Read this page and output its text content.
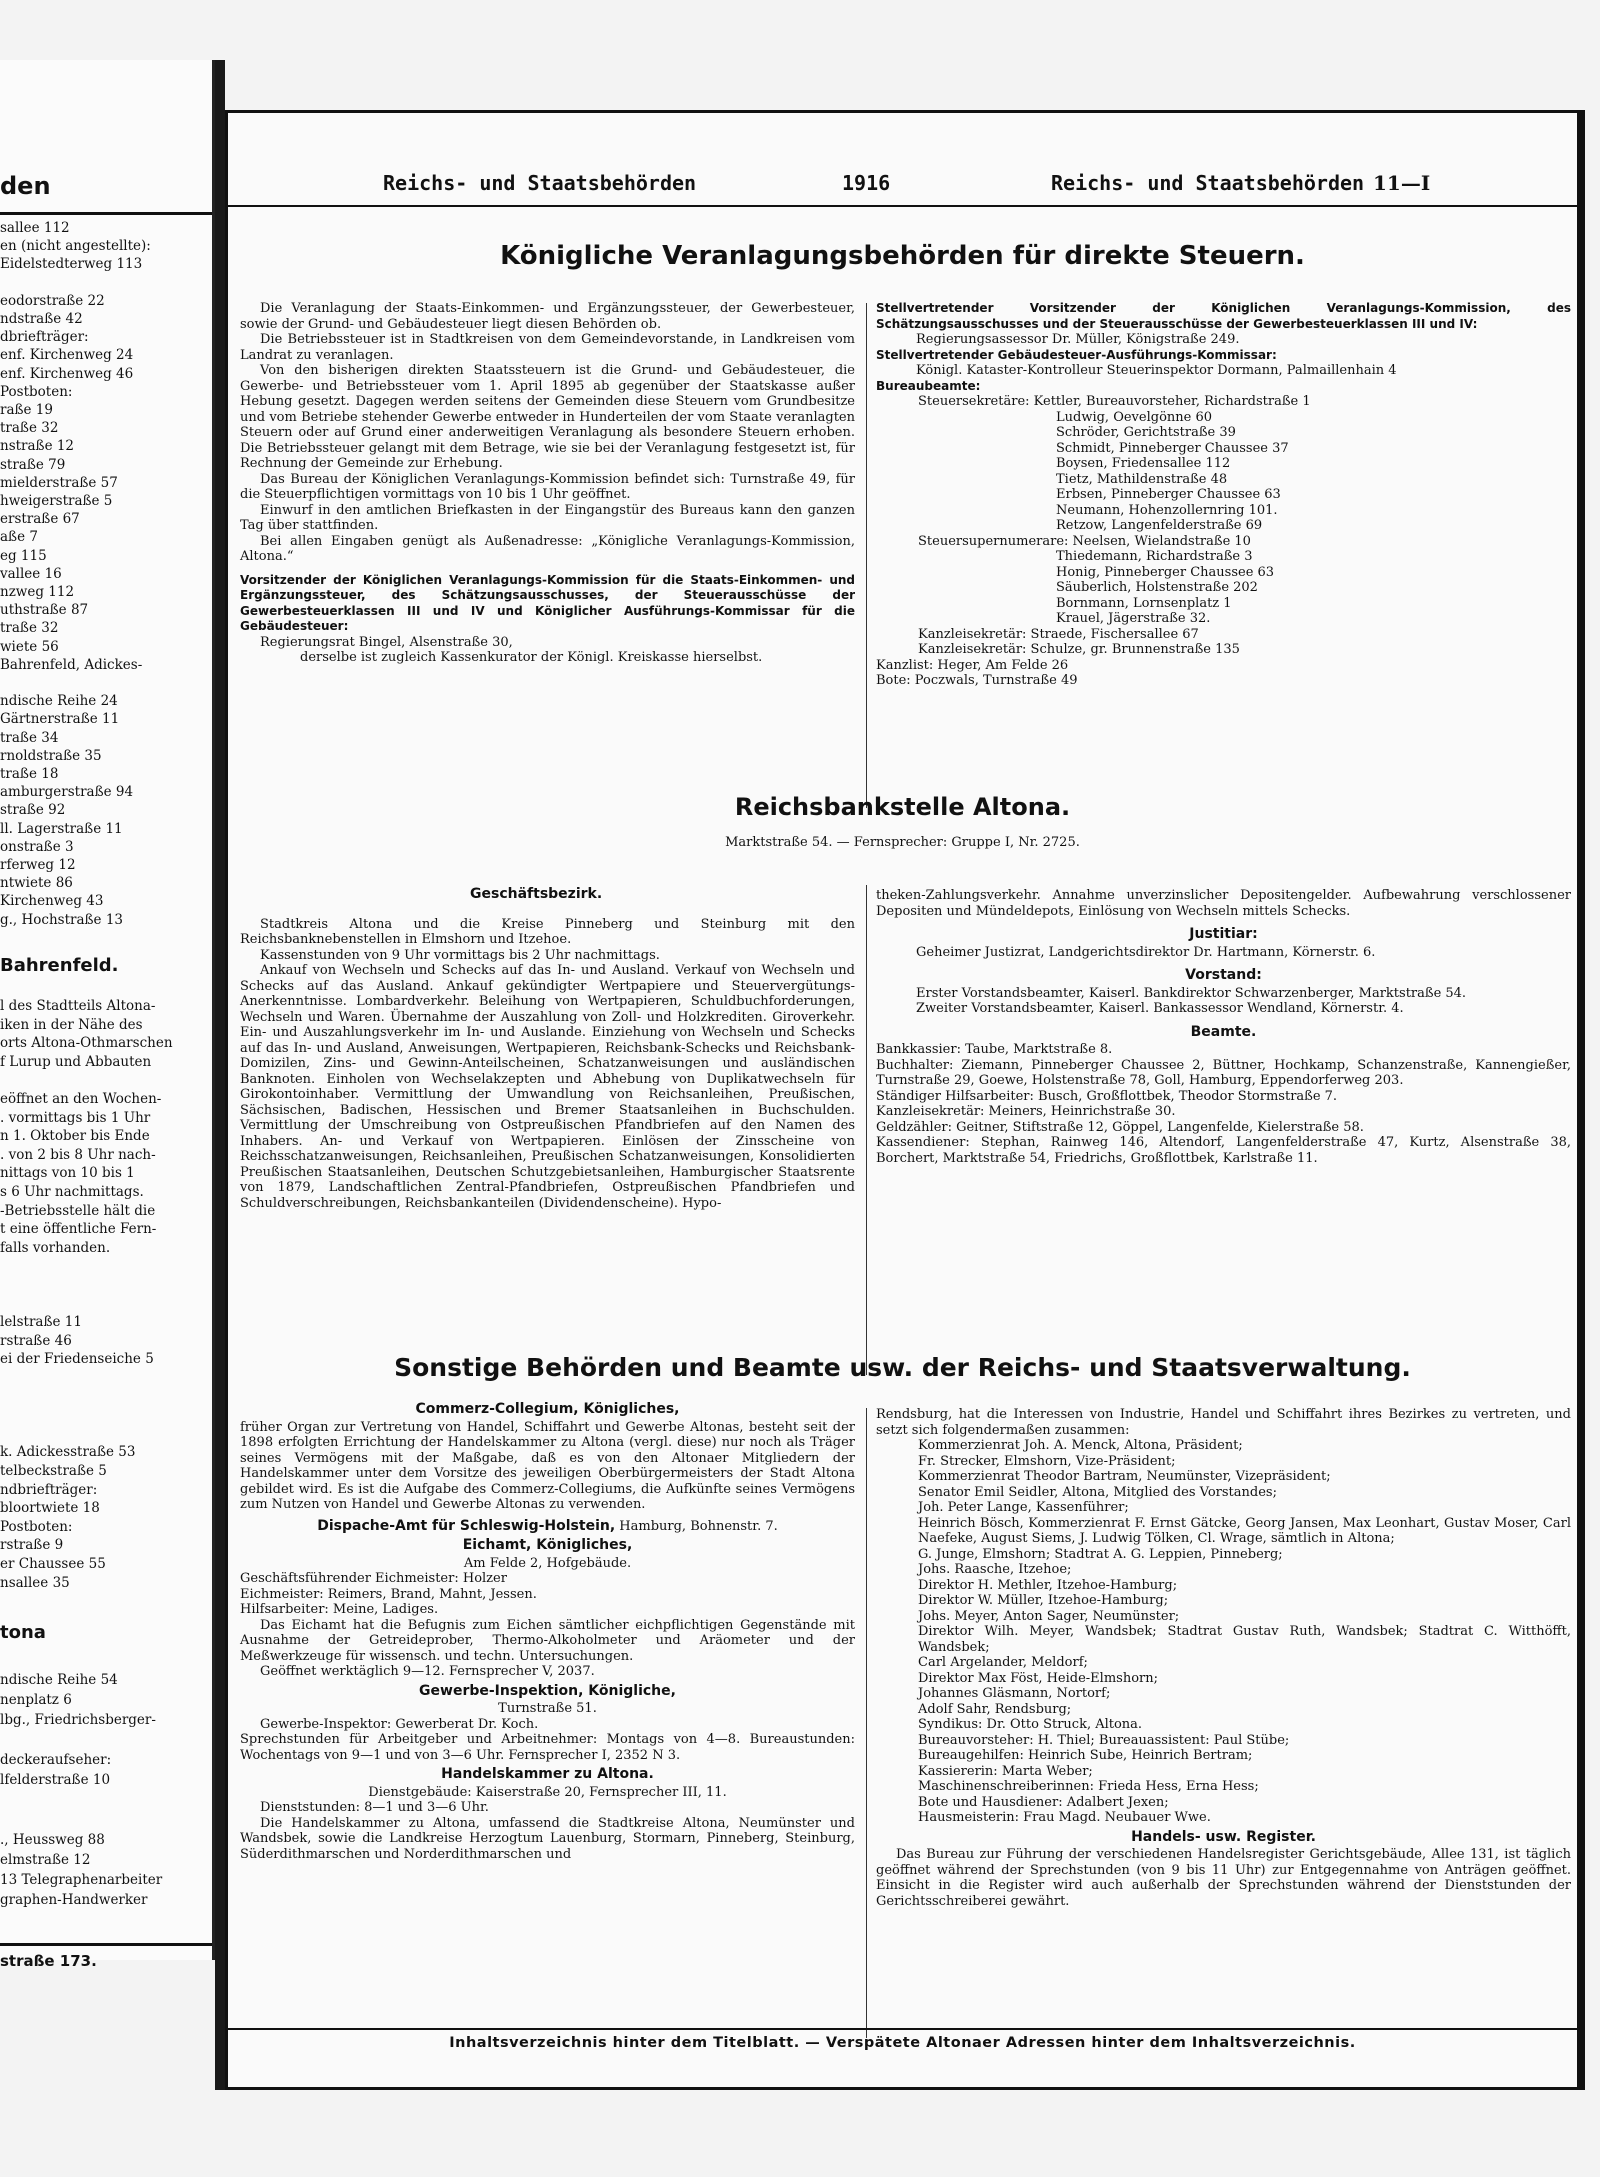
den
sallee 112
en (nicht angestellte):
Eidelstedterweg 113
eodorstraße 22
ndstraße 42
dbriefträger:
enf. Kirchenweg 24
enf. Kirchenweg 46
Postboten:
raße 19
traße 32
nstraße 12
straße 79
mielderstraße 57
hweigerstraße 5
erstraße 67
aße 7
eg 115
vallee 16
nzweg 112
uthstraße 87
traße 32
wiete 56
Bahrenfeld, Adickes-
ndische Reihe 24
Gärtnerstraße 11
traße 34
rnoldstraße 35
traße 18
amburgerstraße 94
straße 92
ll. Lagerstraße 11
onstraße 3
rferweg 12
ntwiete 86
Kirchenweg 43
g., Hochstraße 13
Bahrenfeld.
l des Stadtteils Altona-
iken in der Nähe des
orts Altona-Othmarschen
f Lurup und Abbauten
eöffnet an den Wochen-
. vormittags bis 1 Uhr
n 1. Oktober bis Ende
. von 2 bis 8 Uhr nach-
nittags von 10 bis 1
s 6 Uhr nachmittags.
-Betriebsstelle hält die
t eine öffentliche Fern-
falls vorhanden.
lelstraße 11
rstraße 46
ei der Friedenseiche 5
k. Adickesstraße 53
telbeckstraße 5
ndbriefträger:
bloortwiete 18
Postboten:
rstraße 9
er Chaussee 55
nsallee 35
tona
ndische Reihe 54
nenplatz 6
lbg., Friedrichsberger-
deckeraufseher:
lfelderstraße 10
., Heussweg 88
elmstraße 12
13 Telegraphenarbeiter
graphen-Handwerker
straße 173.
Reichs- und Staatsbehörden	1916	Reichs- und Staatsbehörden 11—I
Königliche Veranlagungsbehörden für direkte Steuern.

Die Veranlagung der Staats-Einkommen- und Ergänzungssteuer, der Gewerbesteuer, sowie der Grund- und Gebäudesteuer liegt diesen Behörden ob.

Die Betriebssteuer ist in Stadtkreisen von dem Gemeindevorstande, in Landkreisen vom Landrat zu veranlagen.

Von den bisherigen direkten Staatssteuern ist die Grund- und Gebäudesteuer, die Gewerbe- und Betriebssteuer vom 1. April 1895 ab gegenüber der Staatskasse außer Hebung gesetzt. Dagegen werden seitens der Gemeinden diese Steuern vom Grundbesitze und vom Betriebe stehender Gewerbe entweder in Hunderteilen der vom Staate veranlagten Steuern oder auf Grund einer anderweitigen Veranlagung als besondere Steuern erhoben. Die Betriebssteuer gelangt mit dem Betrage, wie sie bei der Veranlagung festgesetzt ist, für Rechnung der Gemeinde zur Erhebung.

Das Bureau der Königlichen Veranlagungs-Kommission befindet sich: Turnstraße 49, für die Steuerpflichtigen vormittags von 10 bis 1 Uhr geöffnet.

Einwurf in den amtlichen Briefkasten in der Eingangstür des Bureaus kann den ganzen Tag über stattfinden.

Bei allen Eingaben genügt als Außenadresse: „Königliche Veranlagungs-Kommission, Altona.“

Vorsitzender der Königlichen Veranlagungs-Kommission für die Staats-Einkommen- und Ergänzungssteuer, des Schätzungsausschusses, der Steuerausschüsse der Gewerbesteuerklassen III und IV und Königlicher Ausführungs-Kommissar für die Gebäudesteuer:

Regierungsrat Bingel, Alsenstraße 30,

derselbe ist zugleich Kassenkurator der Königl. Kreiskasse hierselbst.

Stellvertretender Vorsitzender der Königlichen Veranlagungs-Kommission, des Schätzungsausschusses und der Steuerausschüsse der Gewerbesteuerklassen III und IV:

Regierungsassessor Dr. Müller, Königstraße 249.

Stellvertretender Gebäudesteuer-Ausführungs-Kommissar:

Königl. Kataster-Kontrolleur Steuerinspektor Dormann, Palmaillenhain 4

Bureaubeamte:

Steuersekretäre: Kettler, Bureauvorsteher, Richardstraße 1

Ludwig, Oevelgönne 60

Schröder, Gerichtstraße 39

Schmidt, Pinneberger Chaussee 37

Boysen, Friedensallee 112

Tietz, Mathildenstraße 48

Erbsen, Pinneberger Chaussee 63

Neumann, Hohenzollernring 101.

Retzow, Langenfelderstraße 69

Steuersupernumerare: Neelsen, Wielandstraße 10

Thiedemann, Richardstraße 3

Honig, Pinneberger Chaussee 63

Säuberlich, Holstenstraße 202

Bornmann, Lornsenplatz 1

Krauel, Jägerstraße 32.

Kanzleisekretär: Straede, Fischersallee 67

Kanzleisekretär: Schulze, gr. Brunnenstraße 135

Kanzlist: Heger, Am Felde 26

Bote: Poczwals, Turnstraße 49

Reichsbankstelle Altona.
Marktstraße 54. — Fernsprecher: Gruppe I, Nr. 2725.

Geschäftsbezirk.

Stadtkreis Altona und die Kreise Pinneberg und Steinburg mit den Reichsbanknebenstellen in Elmshorn und Itzehoe.

Kassenstunden von 9 Uhr vormittags bis 2 Uhr nachmittags.

Ankauf von Wechseln und Schecks auf das In- und Ausland. Verkauf von Wechseln und Schecks auf das Ausland. Ankauf gekündigter Wertpapiere und Steuervergütungs-Anerkenntnisse. Lombardverkehr. Beleihung von Wertpapieren, Schuldbuchforderungen, Wechseln und Waren. Übernahme der Auszahlung von Zoll- und Holzkrediten. Giroverkehr. Ein- und Auszahlungsverkehr im In- und Auslande. Einziehung von Wechseln und Schecks auf das In- und Ausland, Anweisungen, Wertpapieren, Reichsbank-Schecks und Reichsbank-Domizilen, Zins- und Gewinn-Anteilscheinen, Schatzanweisungen und ausländischen Banknoten. Einholen von Wechselakzepten und Abhebung von Duplikatwechseln für Girokontoinhaber. Vermittlung der Umwandlung von Reichsanleihen, Preußischen, Sächsischen, Badischen, Hessischen und Bremer Staatsanleihen in Buchschulden. Vermittlung der Umschreibung von Ostpreußischen Pfandbriefen auf den Namen des Inhabers. An- und Verkauf von Wertpapieren. Einlösen der Zinsscheine von Reichsschatzanweisungen, Reichsanleihen, Preußischen Schatzanweisungen, Konsolidierten Preußischen Staatsanleihen, Deutschen Schutzgebietsanleihen, Hamburgischer Staatsrente von 1879, Landschaftlichen Zentral-Pfandbriefen, Ostpreußischen Pfandbriefen und Schuldverschreibungen, Reichsbankanteilen (Dividendenscheine). Hypo-

theken-Zahlungsverkehr. Annahme unverzinslicher Depositengelder. Aufbewahrung verschlossener Depositen und Mündeldepots, Einlösung von Wechseln mittels Schecks.

Justitiar:

Geheimer Justizrat, Landgerichtsdirektor Dr. Hartmann, Körnerstr. 6.

Vorstand:

Erster Vorstandsbeamter, Kaiserl. Bankdirektor Schwarzenberger, Marktstraße 54.

Zweiter Vorstandsbeamter, Kaiserl. Bankassessor Wendland, Körnerstr. 4.

Beamte.

Bankkassier: Taube, Marktstraße 8.

Buchhalter: Ziemann, Pinneberger Chaussee 2, Büttner, Hochkamp, Schanzenstraße, Kannengießer, Turnstraße 29, Goewe, Holstenstraße 78, Goll, Hamburg, Eppendorferweg 203.

Ständiger Hilfsarbeiter: Busch, Großflottbek, Theodor Stormstraße 7.

Kanzleisekretär: Meiners, Heinrichstraße 30.

Geldzähler: Geitner, Stiftstraße 12, Göppel, Langenfelde, Kielerstraße 58.

Kassendiener: Stephan, Rainweg 146, Altendorf, Langenfelderstraße 47, Kurtz, Alsenstraße 38, Borchert, Marktstraße 54, Friedrichs, Großflottbek, Karlstraße 11.

Sonstige Behörden und Beamte usw. der Reichs- und Staatsverwaltung.

Commerz-Collegium, Königliches,

früher Organ zur Vertretung von Handel, Schiffahrt und Gewerbe Altonas, besteht seit der 1898 erfolgten Errichtung der Handelskammer zu Altona (vergl. diese) nur noch als Träger seines Vermögens mit der Maßgabe, daß es von den Altonaer Mitgliedern der Handelskammer unter dem Vorsitze des jeweiligen Oberbürgermeisters der Stadt Altona gebildet wird. Es ist die Aufgabe des Commerz-Collegiums, die Aufkünfte seines Vermögens zum Nutzen von Handel und Gewerbe Altonas zu verwenden.

Dispache-Amt für Schleswig-Holstein, Hamburg, Bohnenstr. 7.

Eichamt, Königliches,

Am Felde 2, Hofgebäude.

Geschäftsführender Eichmeister: Holzer

Eichmeister: Reimers, Brand, Mahnt, Jessen.

Hilfsarbeiter: Meine, Ladiges.

Das Eichamt hat die Befugnis zum Eichen sämtlicher eichpflichtigen Gegenstände mit Ausnahme der Getreideprober, Thermo-Alkoholmeter und Aräometer und der Meßwerkzeuge für wissensch. und techn. Untersuchungen.

Geöffnet werktäglich 9—12. Fernsprecher V, 2037.

Gewerbe-Inspektion, Königliche,

Turnstraße 51.

Gewerbe-Inspektor: Gewerberat Dr. Koch.

Sprechstunden für Arbeitgeber und Arbeitnehmer: Montags von 4—8. Bureaustunden: Wochentags von 9—1 und von 3—6 Uhr. Fernsprecher I, 2352 N 3.

Handelskammer zu Altona.

Dienstgebäude: Kaiserstraße 20, Fernsprecher III, 11.

Dienststunden: 8—1 und 3—6 Uhr.

Die Handelskammer zu Altona, umfassend die Stadtkreise Altona, Neumünster und Wandsbek, sowie die Landkreise Herzogtum Lauenburg, Stormarn, Pinneberg, Steinburg, Süderdithmarschen und Norderdithmarschen und

Rendsburg, hat die Interessen von Industrie, Handel und Schiffahrt ihres Bezirkes zu vertreten, und setzt sich folgendermaßen zusammen:

Kommerzienrat Joh. A. Menck, Altona, Präsident;

Fr. Strecker, Elmshorn, Vize-Präsident;

Kommerzienrat Theodor Bartram, Neumünster, Vizepräsident;

Senator Emil Seidler, Altona, Mitglied des Vorstandes;

Joh. Peter Lange, Kassenführer;

Heinrich Bösch, Kommerzienrat F. Ernst Gätcke, Georg Jansen, Max Leonhart, Gustav Moser, Carl Naefeke, August Siems, J. Ludwig Tölken, Cl. Wrage, sämtlich in Altona;

G. Junge, Elmshorn; Stadtrat A. G. Leppien, Pinneberg;

Johs. Raasche, Itzehoe;

Direktor H. Methler, Itzehoe-Hamburg;

Direktor W. Müller, Itzehoe-Hamburg;

Johs. Meyer, Anton Sager, Neumünster;

Direktor Wilh. Meyer, Wandsbek; Stadtrat Gustav Ruth, Wandsbek; Stadtrat C. Witthöfft, Wandsbek;

Carl Argelander, Meldorf;

Direktor Max Föst, Heide-Elmshorn;

Johannes Gläsmann, Nortorf;

Adolf Sahr, Rendsburg;

Syndikus: Dr. Otto Struck, Altona.

Bureauvorsteher: H. Thiel; Bureauassistent: Paul Stübe;

Bureaugehilfen: Heinrich Sube, Heinrich Bertram;

Kassiererin: Marta Weber;

Maschinenschreiberinnen: Frieda Hess, Erna Hess;

Bote und Hausdiener: Adalbert Jexen;

Hausmeisterin: Frau Magd. Neubauer Wwe.

Handels- usw. Register.

Das Bureau zur Führung der verschiedenen Handelsregister Gerichtsgebäude, Allee 131, ist täglich geöffnet während der Sprechstunden (von 9 bis 11 Uhr) zur Entgegennahme von Anträgen geöffnet. Einsicht in die Register wird auch außerhalb der Sprechstunden während der Dienststunden der Gerichtsschreiberei gewährt.

Inhaltsverzeichnis hinter dem Titelblatt. — Verspätete Altonaer Adressen hinter dem Inhaltsverzeichnis.
